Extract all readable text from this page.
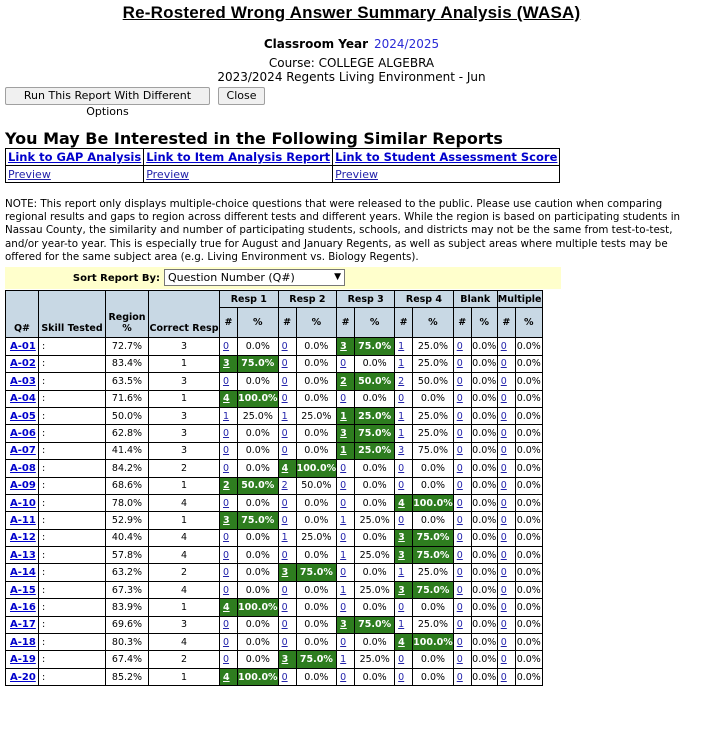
Re-Rostered Wrong Answer Summary Analysis (WASA)
Classroom Year 2024/2025
Course: COLLEGE ALGEBRA
2023/2024 Regents Living Environment - Jun
Run This Report With Different Options
Close
You May Be Interested in the Following Similar Reports
Link to GAP Analysis	Link to Item Analysis Report	Link to Student Assessment Score
Preview	Preview	Preview
NOTE: This report only displays multiple-choice questions that were released to the public. Please use caution when comparing regional results and gaps to region across different tests and different years. While the region is based on participating students in Nassau County, the similarity and number of participating students, schools, and districts may not be the same from test-to-test, and/or year-to year. This is especially true for August and January Regents, as well as subject areas where multiple tests may be offered for the same subject area (e.g. Living Environment vs. Biology Regents).
Sort Report By: Question Number (Q#)	▼
Q#	Skill Tested	Region %	Correct Resp	Resp 1		Resp 2		Resp 3		Resp 4		Blank		Multiple	
				#	%	#	%	#	%	#	%	#	%	#	%
A-01	:	72.7%	3	0	0.0%	0	0.0%	3	75.0%	1	25.0%	0	0.0%	0	0.0%
A-02	:	83.4%	1	3	75.0%	0	0.0%	0	0.0%	1	25.0%	0	0.0%	0	0.0%
A-03	:	63.5%	3	0	0.0%	0	0.0%	2	50.0%	2	50.0%	0	0.0%	0	0.0%
A-04	:	71.6%	1	4	100.0%	0	0.0%	0	0.0%	0	0.0%	0	0.0%	0	0.0%
A-05	:	50.0%	3	1	25.0%	1	25.0%	1	25.0%	1	25.0%	0	0.0%	0	0.0%
A-06	:	62.8%	3	0	0.0%	0	0.0%	3	75.0%	1	25.0%	0	0.0%	0	0.0%
A-07	:	41.4%	3	0	0.0%	0	0.0%	1	25.0%	3	75.0%	0	0.0%	0	0.0%
A-08	:	84.2%	2	0	0.0%	4	100.0%	0	0.0%	0	0.0%	0	0.0%	0	0.0%
A-09	:	68.6%	1	2	50.0%	2	50.0%	0	0.0%	0	0.0%	0	0.0%	0	0.0%
A-10	:	78.0%	4	0	0.0%	0	0.0%	0	0.0%	4	100.0%	0	0.0%	0	0.0%
A-11	:	52.9%	1	3	75.0%	0	0.0%	1	25.0%	0	0.0%	0	0.0%	0	0.0%
A-12	:	40.4%	4	0	0.0%	1	25.0%	0	0.0%	3	75.0%	0	0.0%	0	0.0%
A-13	:	57.8%	4	0	0.0%	0	0.0%	1	25.0%	3	75.0%	0	0.0%	0	0.0%
A-14	:	63.2%	2	0	0.0%	3	75.0%	0	0.0%	1	25.0%	0	0.0%	0	0.0%
A-15	:	67.3%	4	0	0.0%	0	0.0%	1	25.0%	3	75.0%	0	0.0%	0	0.0%
A-16	:	83.9%	1	4	100.0%	0	0.0%	0	0.0%	0	0.0%	0	0.0%	0	0.0%
A-17	:	69.6%	3	0	0.0%	0	0.0%	3	75.0%	1	25.0%	0	0.0%	0	0.0%
A-18	:	80.3%	4	0	0.0%	0	0.0%	0	0.0%	4	100.0%	0	0.0%	0	0.0%
A-19	:	67.4%	2	0	0.0%	3	75.0%	1	25.0%	0	0.0%	0	0.0%	0	0.0%
A-20	:	85.2%	1	4	100.0%	0	0.0%	0	0.0%	0	0.0%	0	0.0%	0	0.0%
